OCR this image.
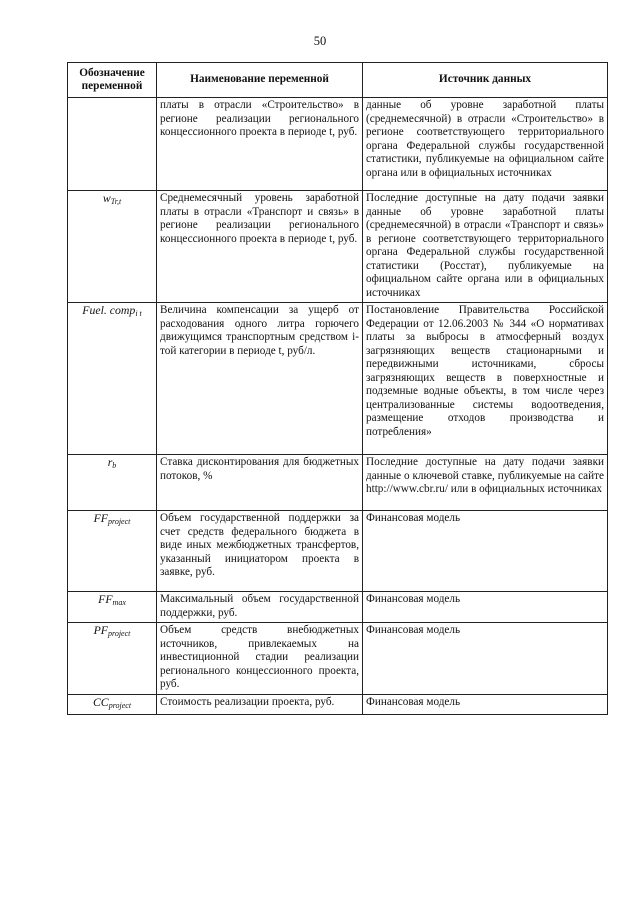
50
Обозначение переменной	Наименование переменной	Источник данных
	платы в отрасли «Строительство» в регионе реализации регионального концессионного проекта в периоде t, руб.	данные об уровне заработной платы (среднемесячной) в отрасли «Строительство» в регионе соответствующего территориального органа Федеральной службы государственной статистики, публикуемые на официальном сайте органа или в официальных источниках
$w_{Tr,t}$	Среднемесячный уровень заработной платы в отрасли «Транспорт и связь» в регионе реализации регионального концессионного проекта в периоде t, руб.	Последние доступные на дату подачи заявки данные об уровне заработной платы (среднемесячной) в отрасли «Транспорт и связь» в регионе соответствующего территориального органа Федеральной службы государственной статистики (Росстат), публикуемые на официальном сайте органа или в официальных источниках
Fuel. comp$_{i t}$	Величина компенсации за ущерб от расходования одного литра горючего движущимся транспортным средством i-той категории в периоде t, руб/л.	Постановление Правительства Российской Федерации от 12.06.2003 № 344 «О нормативах платы за выбросы в атмосферный воздух загрязняющих веществ стационарными и передвижными источниками, сбросы загрязняющих веществ в поверхностные и подземные водные объекты, в том числе через централизованные системы водоотведения, размещение отходов производства и потребления»
$r_b$	Ставка дисконтирования для бюджетных потоков, %	Последние доступные на дату подачи заявки данные о ключевой ставке, публикуемые на сайте http://www.cbr.ru/ или в официальных источниках
$FF_{project}$	Объем государственной поддержки за счет средств федерального бюджета в виде иных межбюджетных трансфертов, указанный инициатором проекта в заявке, руб.	Финансовая модель
$FF_{max}$	Максимальный объем государственной поддержки, руб.	Финансовая модель
$PF_{project}$	Объем средств внебюджетных источников, привлекаемых на инвестиционной стадии реализации регионального концессионного проекта, руб.	Финансовая модель
$CC_{project}$	Стоимость реализации проекта, руб.	Финансовая модель
